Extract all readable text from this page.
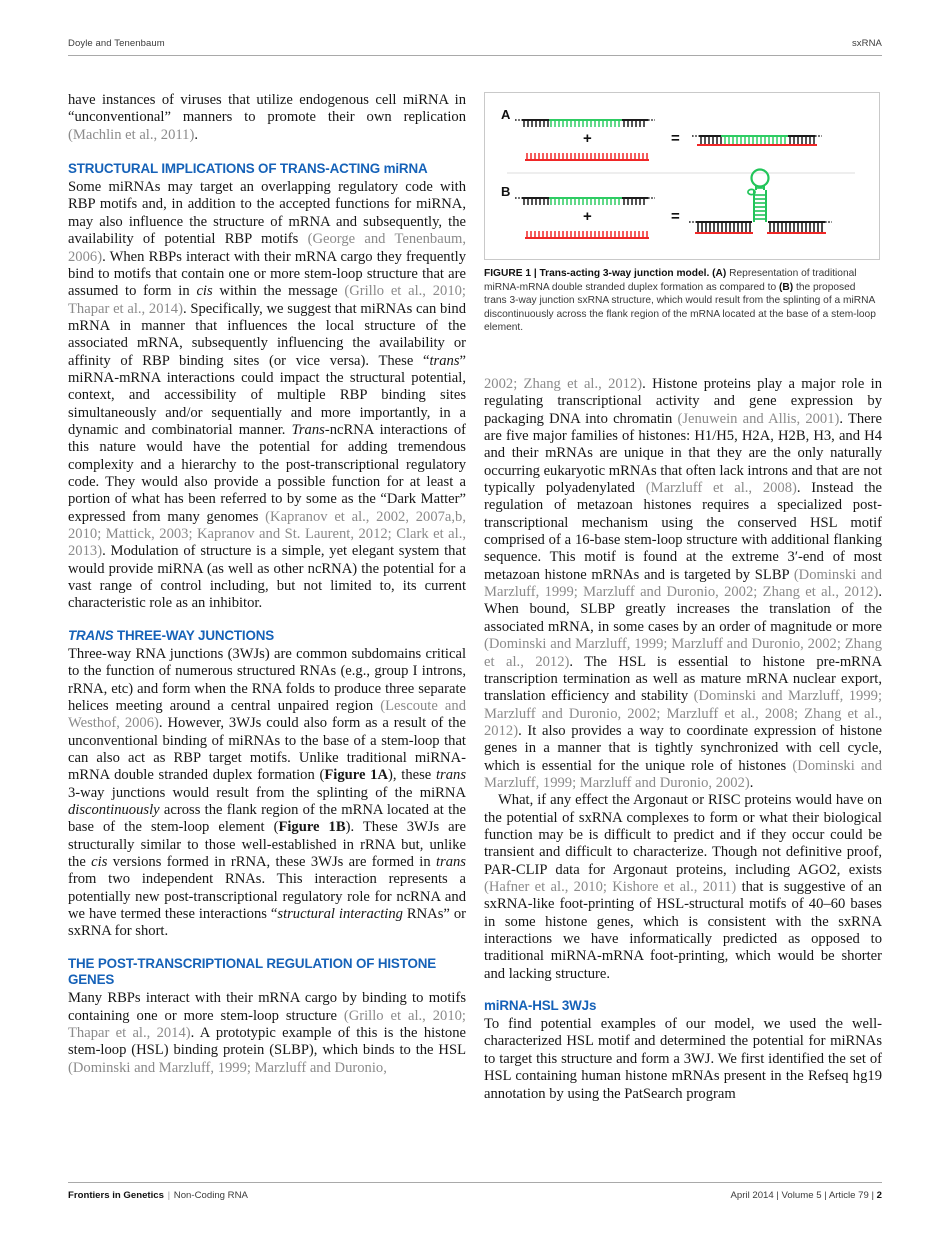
Doyle and Tenenbaum	sxRNA

have instances of viruses that utilize endogenous cell miRNA in “unconventional” manners to promote their own replication (Machlin et al., 2011).

STRUCTURAL IMPLICATIONS OF TRANS-ACTING miRNA

Some miRNAs may target an overlapping regulatory code with RBP motifs and, in addition to the accepted functions for miRNA, may also influence the structure of mRNA and subsequently, the availability of potential RBP motifs (George and Tenenbaum, 2006). When RBPs interact with their mRNA cargo they frequently bind to motifs that contain one or more stem-loop structure that are assumed to form in cis within the message (Grillo et al., 2010; Thapar et al., 2014). Specifically, we suggest that miRNAs can bind mRNA in manner that influences the local structure of the associated mRNA, subsequently influencing the availability or affinity of RBP binding sites (or vice versa). These “trans” miRNA-mRNA interactions could impact the structural potential, context, and accessibility of multiple RBP binding sites simultaneously and/or sequentially and more importantly, in a dynamic and combinatorial manner. Trans-ncRNA interactions of this nature would have the potential for adding tremendous complexity and a hierarchy to the post-transcriptional regulatory code. They would also provide a possible function for at least a portion of what has been referred to by some as the “Dark Matter” expressed from many genomes (Kapranov et al., 2002, 2007a,b, 2010; Mattick, 2003; Kapranov and St. Laurent, 2012; Clark et al., 2013). Modulation of structure is a simple, yet elegant system that would provide miRNA (as well as other ncRNA) the potential for a vast range of control including, but not limited to, its current characteristic role as an inhibitor.

TRANS THREE-WAY JUNCTIONS

Three-way RNA junctions (3WJs) are common subdomains critical to the function of numerous structured RNAs (e.g., group I introns, rRNA, etc) and form when the RNA folds to produce three separate helices meeting around a central unpaired region (Lescoute and Westhof, 2006). However, 3WJs could also form as a result of the unconventional binding of miRNAs to the base of a stem-loop that can also act as RBP target motifs. Unlike traditional miRNA-mRNA double stranded duplex formation (Figure 1A), these trans 3-way junctions would result from the splinting of the miRNA discontinuously across the flank region of the mRNA located at the base of the stem-loop element (Figure 1B). These 3WJs are structurally similar to those well-established in rRNA but, unlike the cis versions formed in rRNA, these 3WJs are formed in trans from two independent RNAs. This interaction represents a potentially new post-transcriptional regulatory role for ncRNA and we have termed these interactions “structural interacting RNAs” or sxRNA for short.

THE POST-TRANSCRIPTIONAL REGULATION OF HISTONE GENES

Many RBPs interact with their mRNA cargo by binding to motifs containing one or more stem-loop structure (Grillo et al., 2010; Thapar et al., 2014). A prototypic example of this is the histone stem-loop (HSL) binding protein (SLBP), which binds to the HSL (Dominski and Marzluff, 1999; Marzluff and Duronio,

A
+	=
B
+	=
FIGURE 1 | Trans-acting 3-way junction model. (A) Representation of traditional miRNA-mRNA double stranded duplex formation as compared to (B) the proposed trans 3-way junction sxRNA structure, which would result from the splinting of a miRNA discontinuously across the flank region of the mRNA located at the base of a stem-loop element.

2002; Zhang et al., 2012). Histone proteins play a major role in regulating transcriptional activity and gene expression by packaging DNA into chromatin (Jenuwein and Allis, 2001). There are five major families of histones: H1/H5, H2A, H2B, H3, and H4 and their mRNAs are unique in that they are the only naturally occurring eukaryotic mRNAs that often lack introns and that are not typically polyadenylated (Marzluff et al., 2008). Instead the regulation of metazoan histones requires a specialized post-transcriptional mechanism using the conserved HSL motif comprised of a 16-base stem-loop structure with additional flanking sequence. This motif is found at the extreme 3′-end of most metazoan histone mRNAs and is targeted by SLBP (Dominski and Marzluff, 1999; Marzluff and Duronio, 2002; Zhang et al., 2012). When bound, SLBP greatly increases the translation of the associated mRNA, in some cases by an order of magnitude or more (Dominski and Marzluff, 1999; Marzluff and Duronio, 2002; Zhang et al., 2012). The HSL is essential to histone pre-mRNA transcription termination as well as mature mRNA nuclear export, translation efficiency and stability (Dominski and Marzluff, 1999; Marzluff and Duronio, 2002; Marzluff et al., 2008; Zhang et al., 2012). It also provides a way to coordinate expression of histone genes in a manner that is tightly synchronized with cell cycle, which is essential for the unique role of histones (Dominski and Marzluff, 1999; Marzluff and Duronio, 2002).

What, if any effect the Argonaut or RISC proteins would have on the potential of sxRNA complexes to form or what their biological function may be is difficult to predict and if they occur could be transient and difficult to characterize. Though not definitive proof, PAR-CLIP data for Argonaut proteins, including AGO2, exists (Hafner et al., 2010; Kishore et al., 2011) that is suggestive of an sxRNA-like foot-printing of HSL-structural motifs of 40–60 bases in some histone genes, which is consistent with the sxRNA interactions we have informatically predicted as opposed to traditional miRNA-mRNA foot-printing, which would be shorter and lacking structure.

miRNA-HSL 3WJs

To find potential examples of our model, we used the well-characterized HSL motif and determined the potential for miRNAs to target this structure and form a 3WJ. We first identified the set of HSL containing human histone mRNAs present in the Refseq hg19 annotation by using the PatSearch program

Frontiers in Genetics | Non-Coding RNA	April 2014 | Volume 5 | Article 79 | 2
